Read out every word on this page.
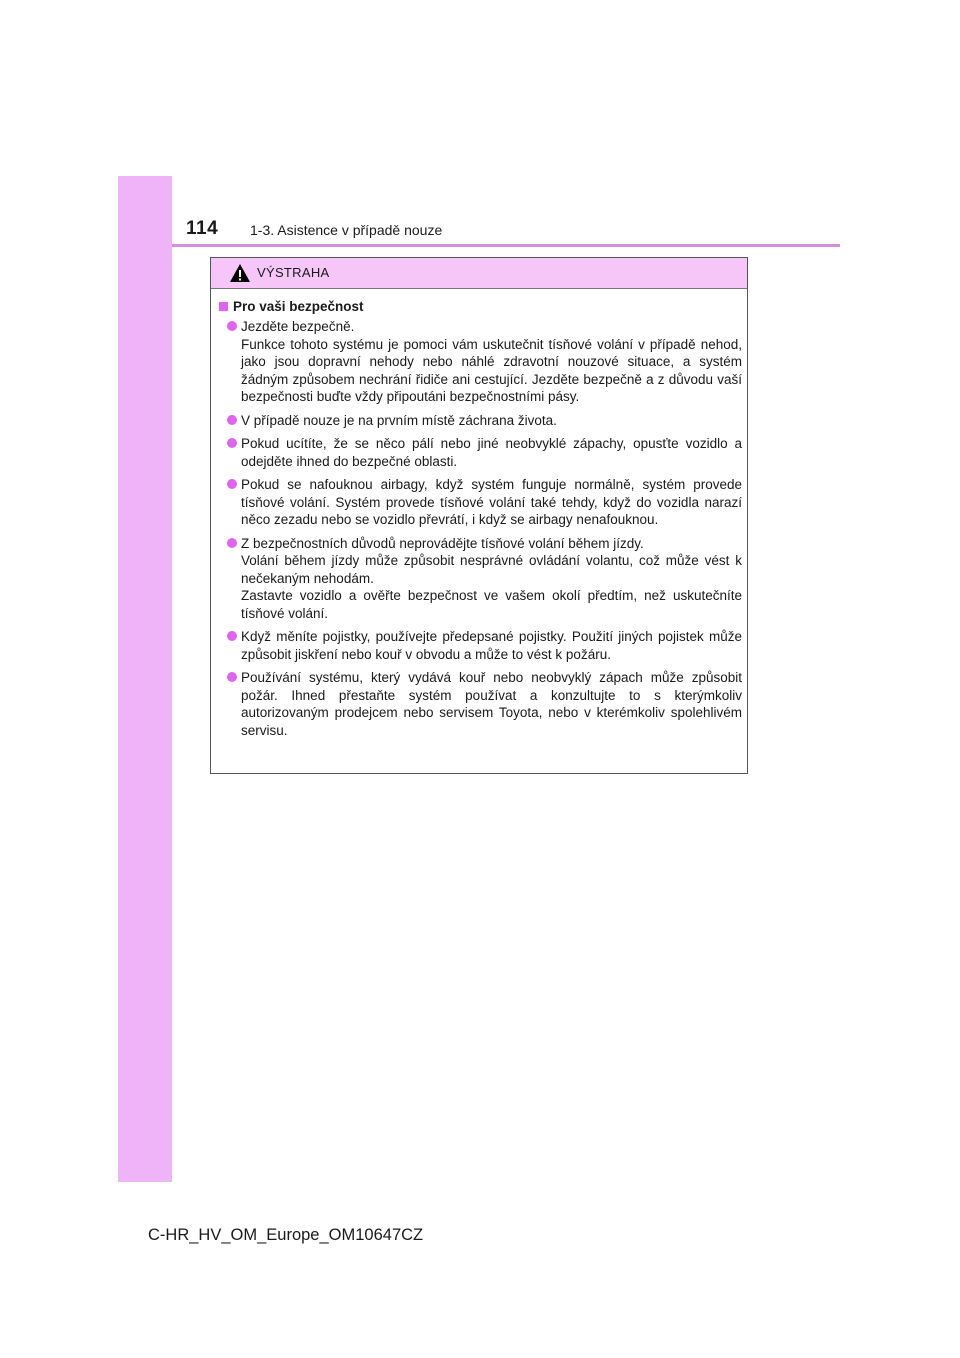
114 1-3. Asistence v případě nouze
VÝSTRAHA
Pro vaši bezpečnost
Jezděte bezpečně.
Funkce tohoto systému je pomoci vám uskutečnit tísňové volání v případě nehod, jako jsou dopravní nehody nebo náhlé zdravotní nouzové situace, a systém žádným způsobem nechrání řidiče ani cestující. Jezděte bezpečně a z důvodu vaší bezpečnosti buďte vždy připoutáni bezpečnostními pásy.
V případě nouze je na prvním místě záchrana života.
Pokud ucítíte, že se něco pálí nebo jiné neobvyklé zápachy, opusťte vozidlo a odejděte ihned do bezpečné oblasti.
Pokud se nafouknou airbagy, když systém funguje normálně, systém provede tísňové volání. Systém provede tísňové volání také tehdy, když do vozidla narazí něco zezadu nebo se vozidlo převrátí, i když se airbagy nenafouknou.
Z bezpečnostních důvodů neprovádějte tísňové volání během jízdy.
Volání během jízdy může způsobit nesprávné ovládání volantu, což může vést k nečekaným nehodám.
Zastavte vozidlo a ověřte bezpečnost ve vašem okolí předtím, než uskutečníte tísňové volání.
Když měníte pojistky, používejte předepsané pojistky. Použití jiných pojistek může způsobit jiskření nebo kouř v obvodu a může to vést k požáru.
Používání systému, který vydává kouř nebo neobvyklý zápach může způsobit požár. Ihned přestaňte systém používat a konzultujte to s kterýmkoliv autorizovaným prodejcem nebo servisem Toyota, nebo v kterémkoliv spolehlivém servisu.
C-HR_HV_OM_Europe_OM10647CZ
